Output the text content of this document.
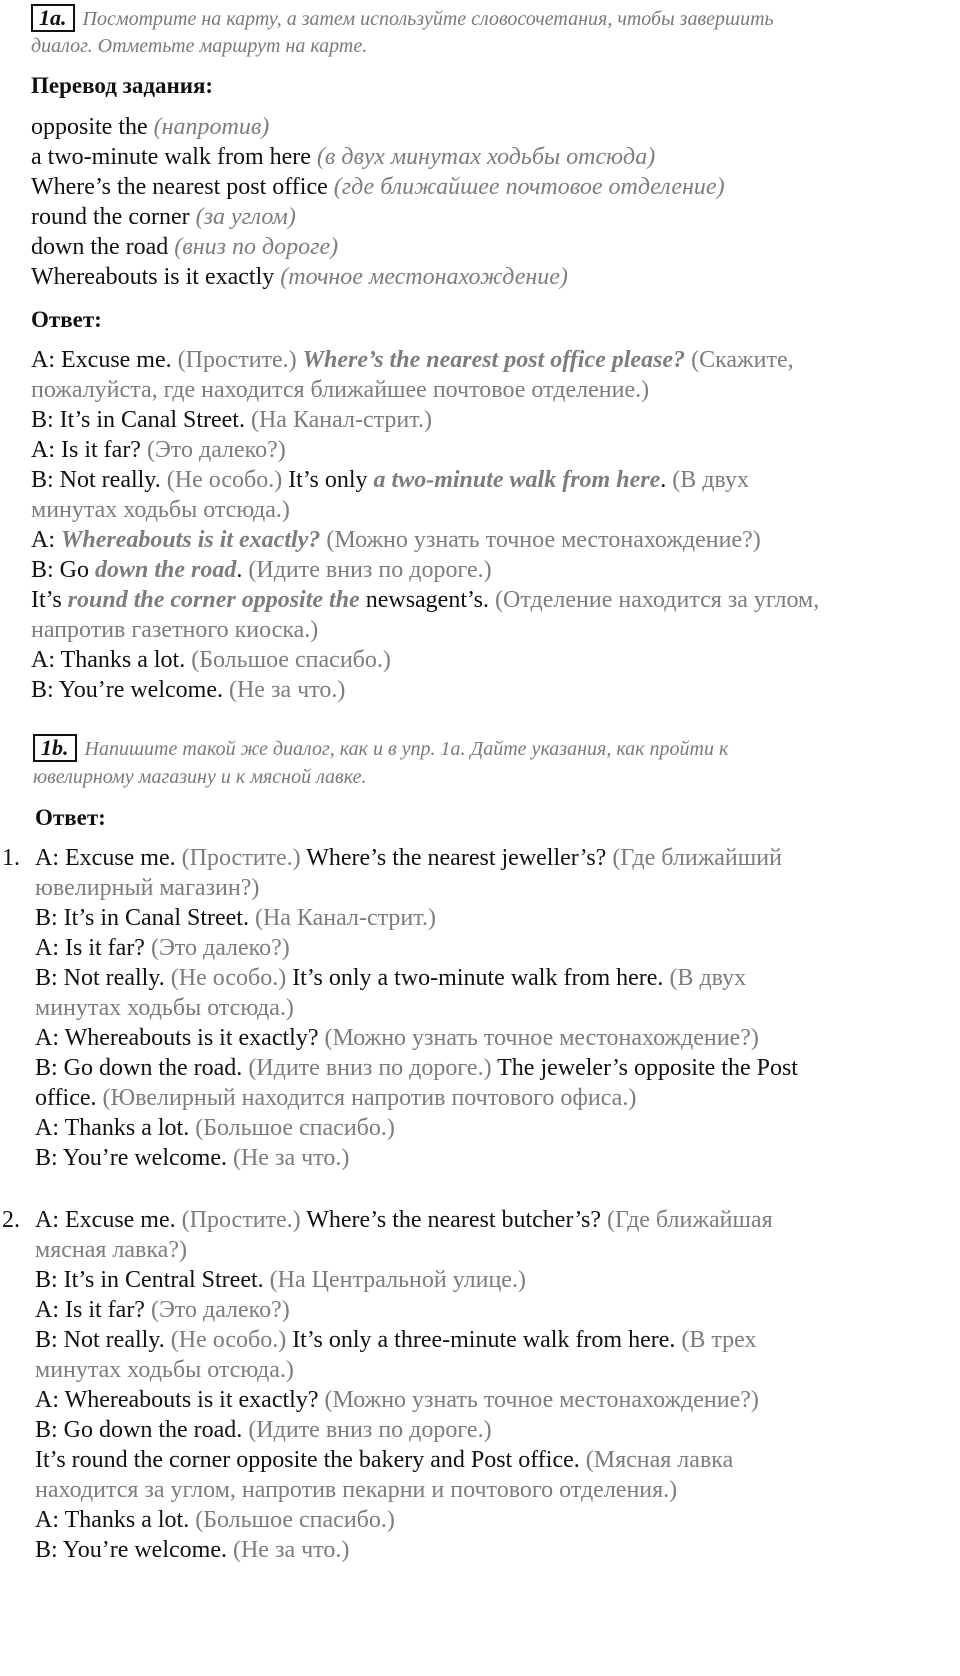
1a. Посмотрите на карту, а затем используйте словосочетания, чтобы завершить
диалог. Отметьте маршрут на карте.
Перевод задания:
opposite the (напротив)
a two-minute walk from here (в двух минутах ходьбы отсюда)
Where’s the nearest post office (где ближайшее почтовое отделение)
round the corner (за углом)
down the road (вниз по дороге)
Whereabouts is it exactly (точное местонахождение)
Ответ:
A: Excuse me. (Простите.) Where’s the nearest post office please? (Скажите,
пожалуйста, где находится ближайшее почтовое отделение.)
B: It’s in Canal Street. (На Канал-стрит.)
A: Is it far? (Это далеко?)
B: Not really. (Не особо.) It’s only a two-minute walk from here. (В двух
минутах ходьбы отсюда.)
A: Whereabouts is it exactly? (Можно узнать точное местонахождение?)
B: Go down the road. (Идите вниз по дороге.)
It’s round the corner opposite the newsagent’s. (Отделение находится за углом,
напротив газетного киоска.)
A: Thanks a lot. (Большое спасибо.)
B: You’re welcome. (Не за что.)
1b. Напишите такой же диалог, как и в упр. 1а. Дайте указания, как пройти к
ювелирному магазину и к мясной лавке.
Ответ:
1. A: Excuse me. (Простите.) Where’s the nearest jeweller’s? (Где ближайший
ювелирный магазин?)
B: It’s in Canal Street. (На Канал-стрит.)
A: Is it far? (Это далеко?)
B: Not really. (Не особо.) It’s only a two-minute walk from here. (В двух
минутах ходьбы отсюда.)
A: Whereabouts is it exactly? (Можно узнать точное местонахождение?)
B: Go down the road. (Идите вниз по дороге.) The jeweler’s opposite the Post
office. (Ювелирный находится напротив почтового офиса.)
A: Thanks a lot. (Большое спасибо.)
B: You’re welcome. (Не за что.)
2. A: Excuse me. (Простите.) Where’s the nearest butcher’s? (Где ближайшая
мясная лавка?)
B: It’s in Central Street. (На Центральной улице.)
A: Is it far? (Это далеко?)
B: Not really. (Не особо.) It’s only a three-minute walk from here. (В трех
минутах ходьбы отсюда.)
A: Whereabouts is it exactly? (Можно узнать точное местонахождение?)
B: Go down the road. (Идите вниз по дороге.)
It’s round the corner opposite the bakery and Post office. (Мясная лавка
находится за углом, напротив пекарни и почтового отделения.)
A: Thanks a lot. (Большое спасибо.)
B: You’re welcome. (Не за что.)
